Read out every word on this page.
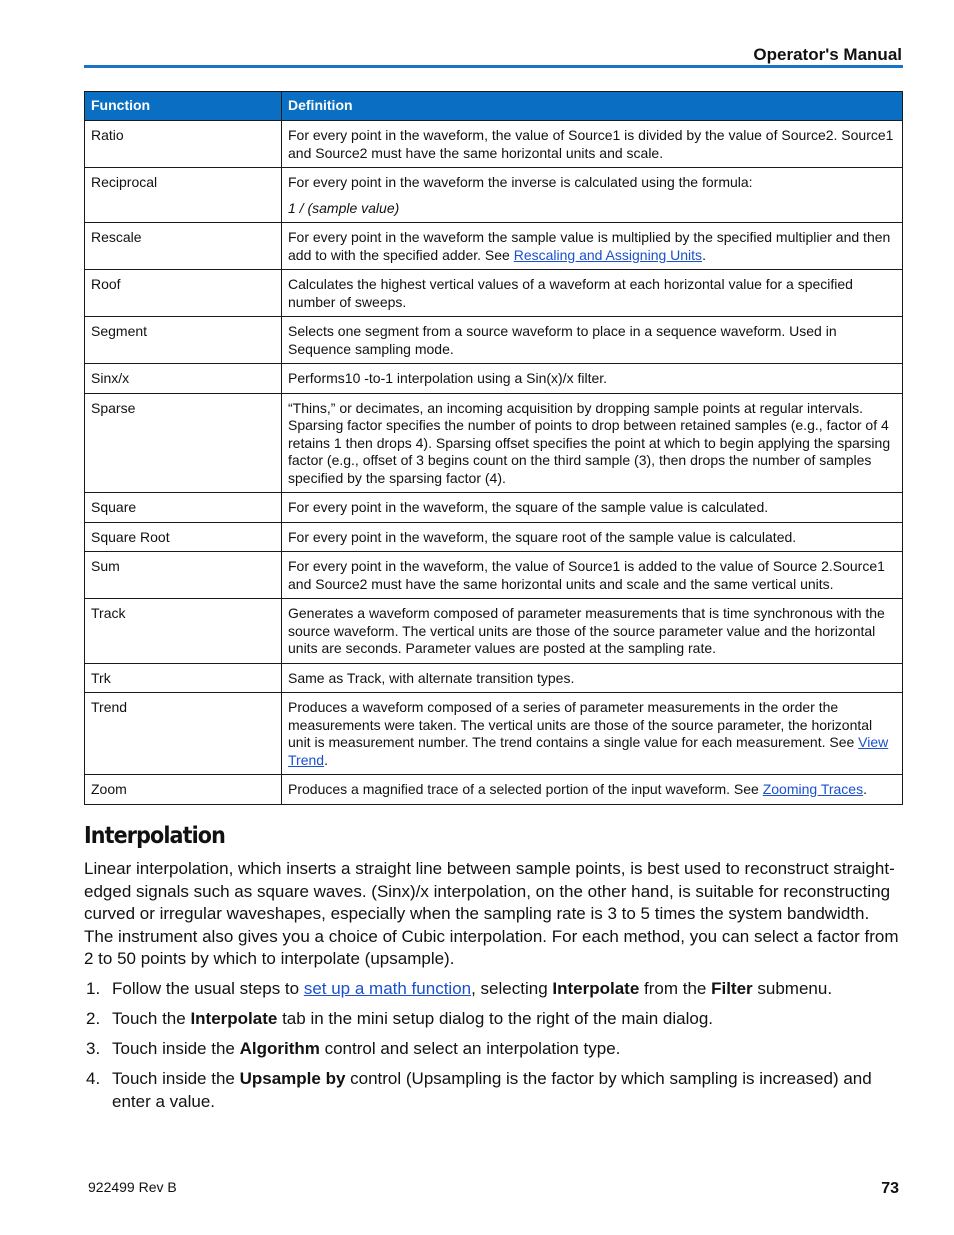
Operator's Manual
Function	Definition
Ratio	For every point in the waveform, the value of Source1 is divided by the value of Source2. Source1 and Source2 must have the same horizontal units and scale.
Reciprocal	For every point in the waveform the inverse is calculated using the formula:
1 / (sample value)

Rescale	For every point in the waveform the sample value is multiplied by the specified multiplier and then add to with the specified adder. See Rescaling and Assigning Units.
Roof	Calculates the highest vertical values of a waveform at each horizontal value for a specified number of sweeps.
Segment	Selects one segment from a source waveform to place in a sequence waveform. Used in Sequence sampling mode.
Sinx/x	Performs10 -to-1 interpolation using a Sin(x)/x filter.
Sparse	“Thins,” or decimates, an incoming acquisition by dropping sample points at regular intervals. Sparsing factor specifies the number of points to drop between retained samples (e.g., factor of 4 retains 1 then drops 4). Sparsing offset specifies the point at which to begin applying the sparsing factor (e.g., offset of 3 begins count on the third sample (3), then drops the number of samples specified by the sparsing factor (4).
Square	For every point in the waveform, the square of the sample value is calculated.
Square Root	For every point in the waveform, the square root of the sample value is calculated.
Sum	For every point in the waveform, the value of Source1 is added to the value of Source 2.Source1 and Source2 must have the same horizontal units and scale and the same vertical units.
Track	Generates a waveform composed of parameter measurements that is time synchronous with the source waveform. The vertical units are those of the source parameter value and the horizontal units are seconds. Parameter values are posted at the sampling rate.
Trk	Same as Track, with alternate transition types.
Trend	Produces a waveform composed of a series of parameter measurements in the order the measurements were taken. The vertical units are those of the source parameter, the horizontal unit is measurement number. The trend contains a single value for each measurement. See View Trend.
Zoom	Produces a magnified trace of a selected portion of the input waveform. See Zooming Traces.
Interpolation

Linear interpolation, which inserts a straight line between sample points, is best used to reconstruct straight-edged signals such as square waves. (Sinx)/x interpolation, on the other hand, is suitable for reconstructing curved or irregular waveshapes, especially when the sampling rate is 3 to 5 times the system bandwidth. The instrument also gives you a choice of Cubic interpolation. For each method, you can select a factor from 2 to 50 points by which to interpolate (upsample).

1. Follow the usual steps to set up a math function, selecting Interpolate from the Filter submenu.
2. Touch the Interpolate tab in the mini setup dialog to the right of the main dialog.
3. Touch inside the Algorithm control and select an interpolation type.
4. Touch inside the Upsample by control (Upsampling is the factor by which sampling is increased) and enter a value.
922499 Rev B	73
